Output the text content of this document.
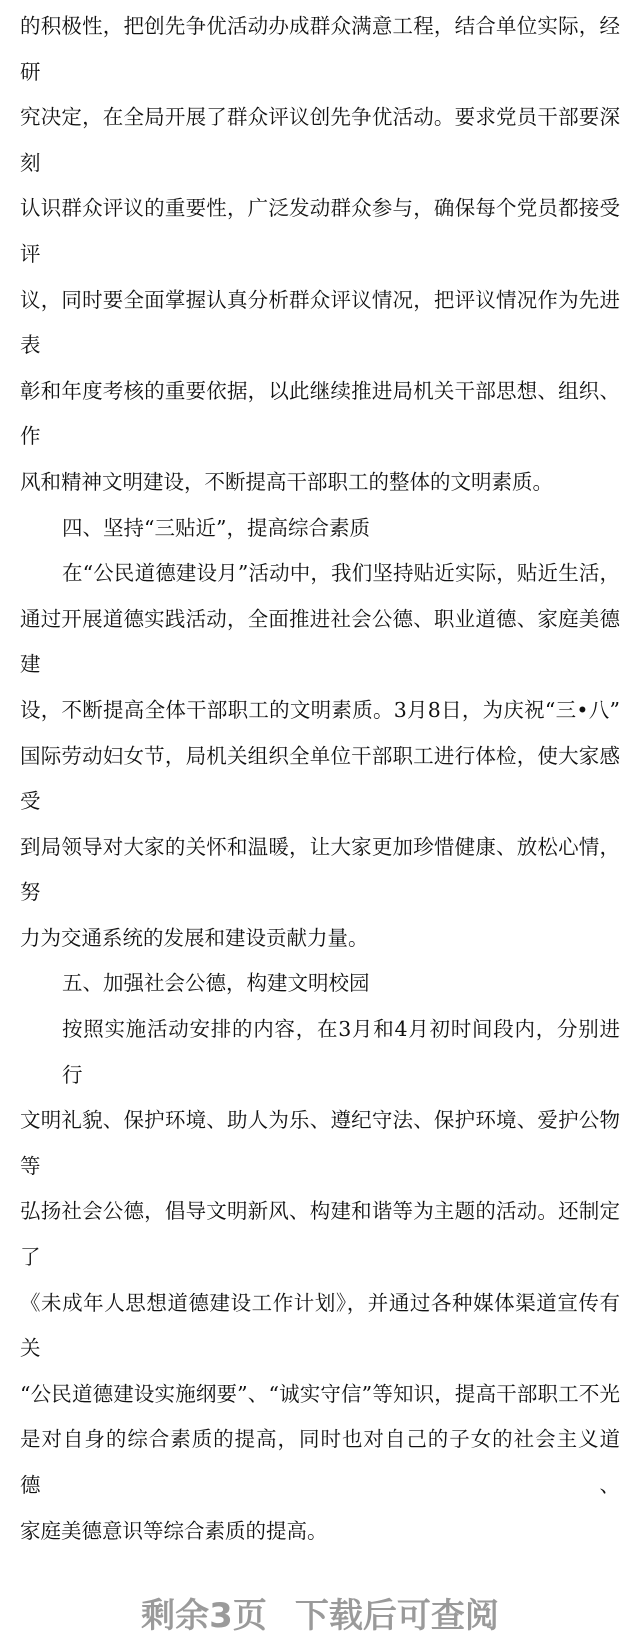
的积极性，把创先争优活动办成群众满意工程，结合单位实际，经研
究决定，在全局开展了群众评议创先争优活动。要求党员干部要深刻
认识群众评议的重要性，广泛发动群众参与，确保每个党员都接受评
议，同时要全面掌握认真分析群众评议情况，把评议情况作为先进表
彰和年度考核的重要依据，以此继续推进局机关干部思想、组织、作
风和精神文明建设，不断提高干部职工的整体的文明素质。
四、坚持“三贴近”，提高综合素质
在“公民道德建设月”活动中，我们坚持贴近实际，贴近生活，
通过开展道德实践活动，全面推进社会公德、职业道德、家庭美德建
设，不断提高全体干部职工的文明素质。3月8日，为庆祝“三•八”
国际劳动妇女节，局机关组织全单位干部职工进行体检，使大家感受
到局领导对大家的关怀和温暖，让大家更加珍惜健康、放松心情，努
力为交通系统的发展和建设贡献力量。
五、加强社会公德，构建文明校园
按照实施活动安排的内容，在3月和4月初时间段内，分别进行
文明礼貌、保护环境、助人为乐、遵纪守法、保护环境、爱护公物等
弘扬社会公德，倡导文明新风、构建和谐等为主题的活动。还制定了
《未成年人思想道德建设工作计划》，并通过各种媒体渠道宣传有关
“公民道德建设实施纲要”、“诚实守信”等知识，提高干部职工不光
是对自身的综合素质的提高，同时也对自己的子女的社会主义道德、
家庭美德意识等综合素质的提高。
剩余3页 下载后可查阅
